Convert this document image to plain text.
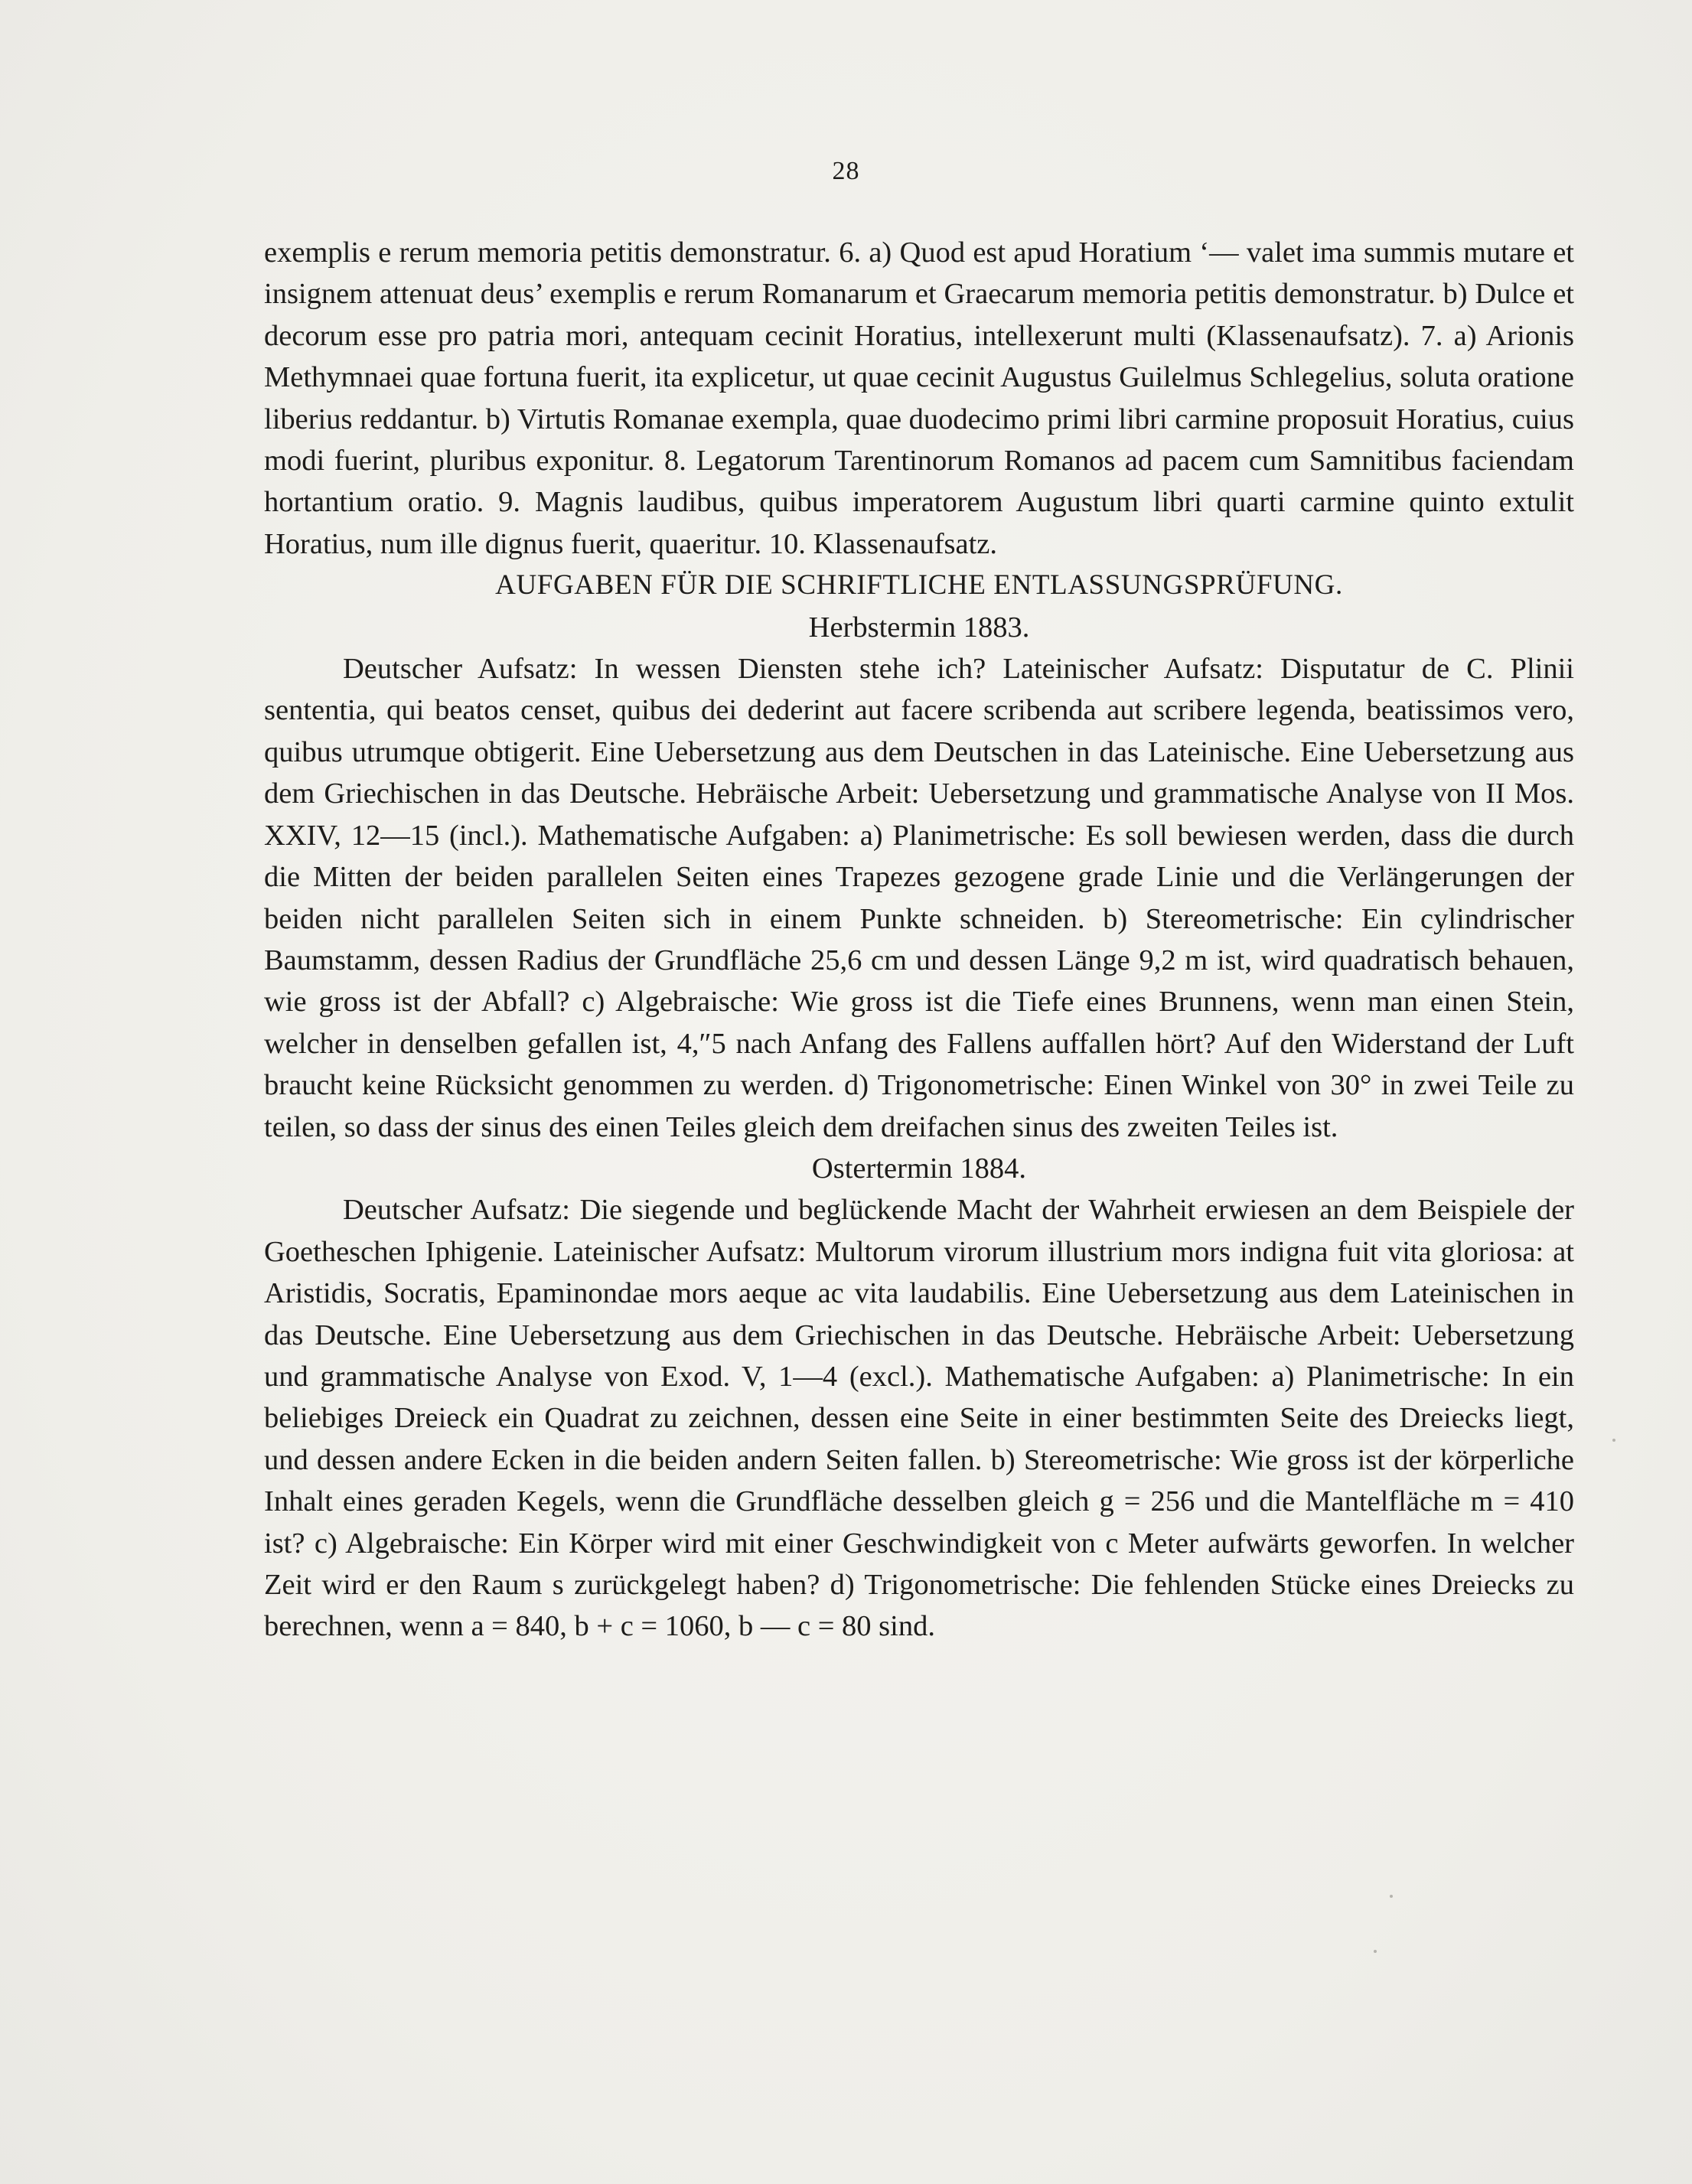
28

exemplis e rerum memoria petitis demonstratur. 6. a) Quod est apud Horatium ‘— valet ima summis mutare et insignem attenuat deus’ exemplis e rerum Romanarum et Graecarum memoria petitis demonstratur. b) Dulce et decorum esse pro patria mori, antequam cecinit Horatius, intellexerunt multi (Klassenaufsatz). 7. a) Arionis Methymnaei quae fortuna fuerit, ita explicetur, ut quae cecinit Augustus Guilelmus Schlegelius, soluta oratione liberius reddantur. b) Virtutis Romanae exempla, quae duodecimo primi libri carmine proposuit Horatius, cuius modi fuerint, pluribus exponitur. 8. Legatorum Tarentinorum Romanos ad pacem cum Samnitibus faciendam hortantium oratio. 9. Magnis laudibus, quibus imperatorem Augustum libri quarti carmine quinto extulit Horatius, num ille dignus fuerit, quaeritur. 10. Klassenaufsatz.

AUFGABEN FÜR DIE SCHRIFTLICHE ENTLASSUNGSPRÜFUNG.

Herbstermin 1883.

Deutscher Aufsatz: In wessen Diensten stehe ich? Lateinischer Aufsatz: Disputatur de C. Plinii sententia, qui beatos censet, quibus dei dederint aut facere scribenda aut scribere legenda, beatissimos vero, quibus utrumque obtigerit. Eine Uebersetzung aus dem Deutschen in das Lateinische. Eine Uebersetzung aus dem Griechischen in das Deutsche. Hebräische Arbeit: Uebersetzung und grammatische Analyse von II Mos. XXIV, 12—15 (incl.). Mathematische Aufgaben: a) Planimetrische: Es soll bewiesen werden, dass die durch die Mitten der beiden parallelen Seiten eines Trapezes gezogene grade Linie und die Verlängerungen der beiden nicht parallelen Seiten sich in einem Punkte schneiden. b) Stereometrische: Ein cylindrischer Baumstamm, dessen Radius der Grundfläche 25,6 cm und dessen Länge 9,2 m ist, wird quadratisch behauen, wie gross ist der Abfall? c) Algebraische: Wie gross ist die Tiefe eines Brunnens, wenn man einen Stein, welcher in denselben gefallen ist, 4,″5 nach Anfang des Fallens auffallen hört? Auf den Widerstand der Luft braucht keine Rücksicht genommen zu werden. d) Trigonometrische: Einen Winkel von 30° in zwei Teile zu teilen, so dass der sinus des einen Teiles gleich dem dreifachen sinus des zweiten Teiles ist.

Ostertermin 1884.

Deutscher Aufsatz: Die siegende und beglückende Macht der Wahrheit erwiesen an dem Beispiele der Goetheschen Iphigenie. Lateinischer Aufsatz: Multorum virorum illustrium mors indigna fuit vita gloriosa: at Aristidis, Socratis, Epaminondae mors aeque ac vita laudabilis. Eine Uebersetzung aus dem Lateinischen in das Deutsche. Eine Uebersetzung aus dem Griechischen in das Deutsche. Hebräische Arbeit: Uebersetzung und grammatische Analyse von Exod. V, 1—4 (excl.). Mathematische Aufgaben: a) Planimetrische: In ein beliebiges Dreieck ein Quadrat zu zeichnen, dessen eine Seite in einer bestimmten Seite des Dreiecks liegt, und dessen andere Ecken in die beiden andern Seiten fallen. b) Stereometrische: Wie gross ist der körperliche Inhalt eines geraden Kegels, wenn die Grundfläche desselben gleich g = 256 und die Mantelfläche m = 410 ist? c) Algebraische: Ein Körper wird mit einer Geschwindigkeit von c Meter aufwärts geworfen. In welcher Zeit wird er den Raum s zurückgelegt haben? d) Trigonometrische: Die fehlenden Stücke eines Dreiecks zu berechnen, wenn a = 840, b + c = 1060, b — c = 80 sind.
